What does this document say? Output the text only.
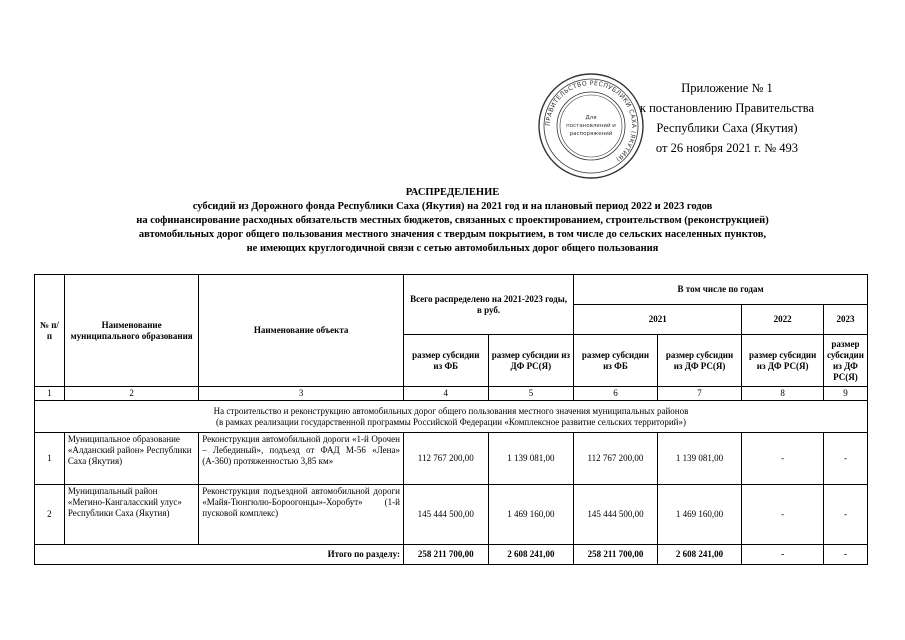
ПРАВИТЕЛЬСТВО РЕСПУБЛИКИ САХА (ЯКУТИЯ)
Для
постановлений и
распоряжений
Приложение № 1
к постановлению Правительства
Республики Саха (Якутия)
от 26 ноября 2021 г. № 493
РАСПРЕДЕЛЕНИЕ
субсидий из Дорожного фонда Республики Саха (Якутия) на 2021 год и на плановый период 2022 и 2023 годов
на софинансирование расходных обязательств местных бюджетов, связанных с проектированием, строительством (реконструкцией)
автомобильных дорог общего пользования местного значения с твердым покрытием, в том числе до сельских населенных пунктов,
не имеющих круглогодичной связи с сетью автомобильных дорог общего пользования
№ п/п	Наименование муниципального образования	Наименование объекта	Всего распределено на 2021-2023 годы, в руб.		В том числе по годам			
					2021		2022	2023
			размер субсидии из ФБ	размер субсидии из ДФ РС(Я)	размер субсидии из ФБ	размер субсидии из ДФ РС(Я)	размер субсидии из ДФ РС(Я)	размер субсидии из ДФ РС(Я)
1	2	3	4	5	6	7	8	9

На строительство и реконструкцию автомобильных дорог общего пользования местного значения муниципальных районов
(в рамках реализации государственной программы Российской Федерации «Комплексное развитие сельских территорий»)								

1	Муниципальное образование «Алданский район» Республики Саха (Якутия)	Реконструкция автомобильной дороги «1-й Орочен – Лебединый», подъезд от ФАД М-56 «Лена» (А-360) протяженностью 3,85 км»	112 767 200,00	1 139 081,00	112 767 200,00	1 139 081,00	-	-
2	Муниципальный район «Мегино-Кангаласский улус» Республики Саха (Якутия)	Реконструкция подъездной автомобильной дороги «Майя-Тюнгюлю-Бороогонцы»-Хоробут» (1-й пусковой комплекс)	145 444 500,00	1 469 160,00	145 444 500,00	1 469 160,00	-	-
Итого по разделу:			258 211 700,00	2 608 241,00	258 211 700,00	2 608 241,00	-	-
